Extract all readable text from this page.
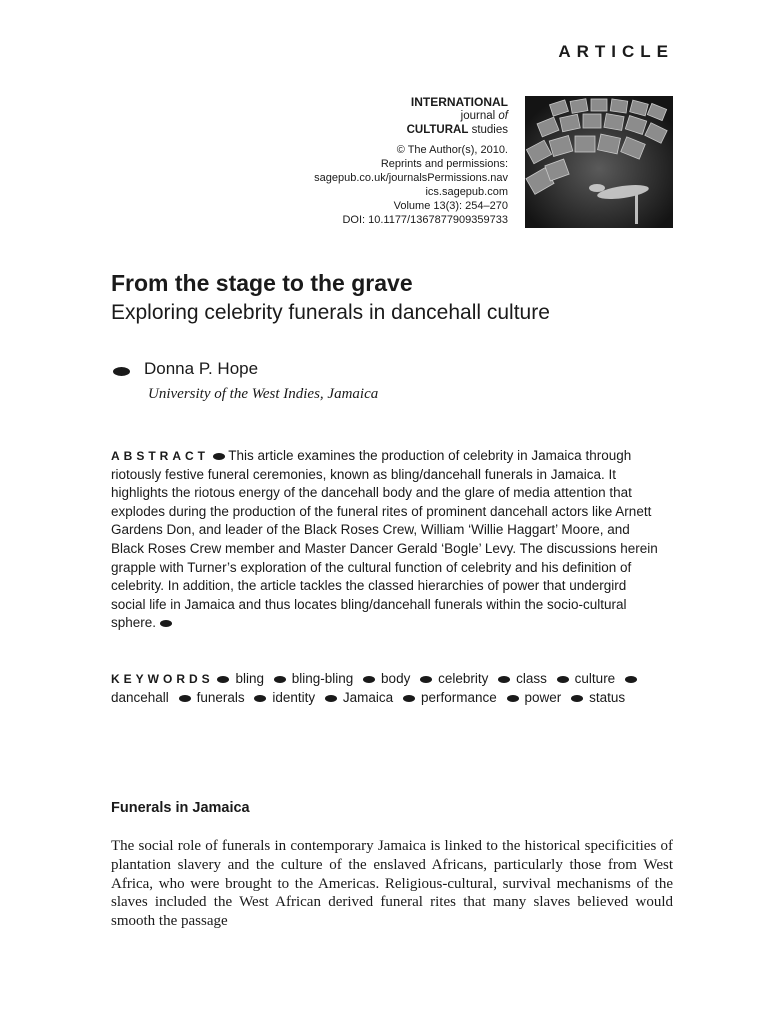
ARTICLE
INTERNATIONAL
journal of
CULTURAL studies
© The Author(s), 2010.
Reprints and permissions:
sagepub.co.uk/journalsPermissions.nav
ics.sagepub.com
Volume 13(3): 254–270
DOI: 10.1177/1367877909359733
From the stage to the grave
Exploring celebrity funerals in dancehall culture
Donna P. Hope
University of the West Indies, Jamaica
ABSTRACT This article examines the production of celebrity in Jamaica through riotously festive funeral ceremonies, known as bling/dancehall funerals in Jamaica. It highlights the riotous energy of the dancehall body and the glare of media attention that explodes during the production of the funeral rites of prominent dancehall actors like Arnett Gardens Don, and leader of the Black Roses Crew, William ‘Willie Haggart’ Moore, and Black Roses Crew member and Master Dancer Gerald ‘Bogle’ Levy. The discussions herein grapple with Turner’s exploration of the cultural function of celebrity and his definition of celebrity. In addition, the article tackles the classed hierarchies of power that undergird social life in Jamaica and thus locates bling/dancehall funerals within the socio-cultural sphere.
KEYWORDS bling bling-bling body celebrity class culture dancehall funerals identity Jamaica performance power status
Funerals in Jamaica
The social role of funerals in contemporary Jamaica is linked to the historical specificities of plantation slavery and the culture of the enslaved Africans, particularly those from West Africa, who were brought to the Americas. Religious-cultural, survival mechanisms of the slaves included the West African derived funeral rites that many slaves believed would smooth the passage
